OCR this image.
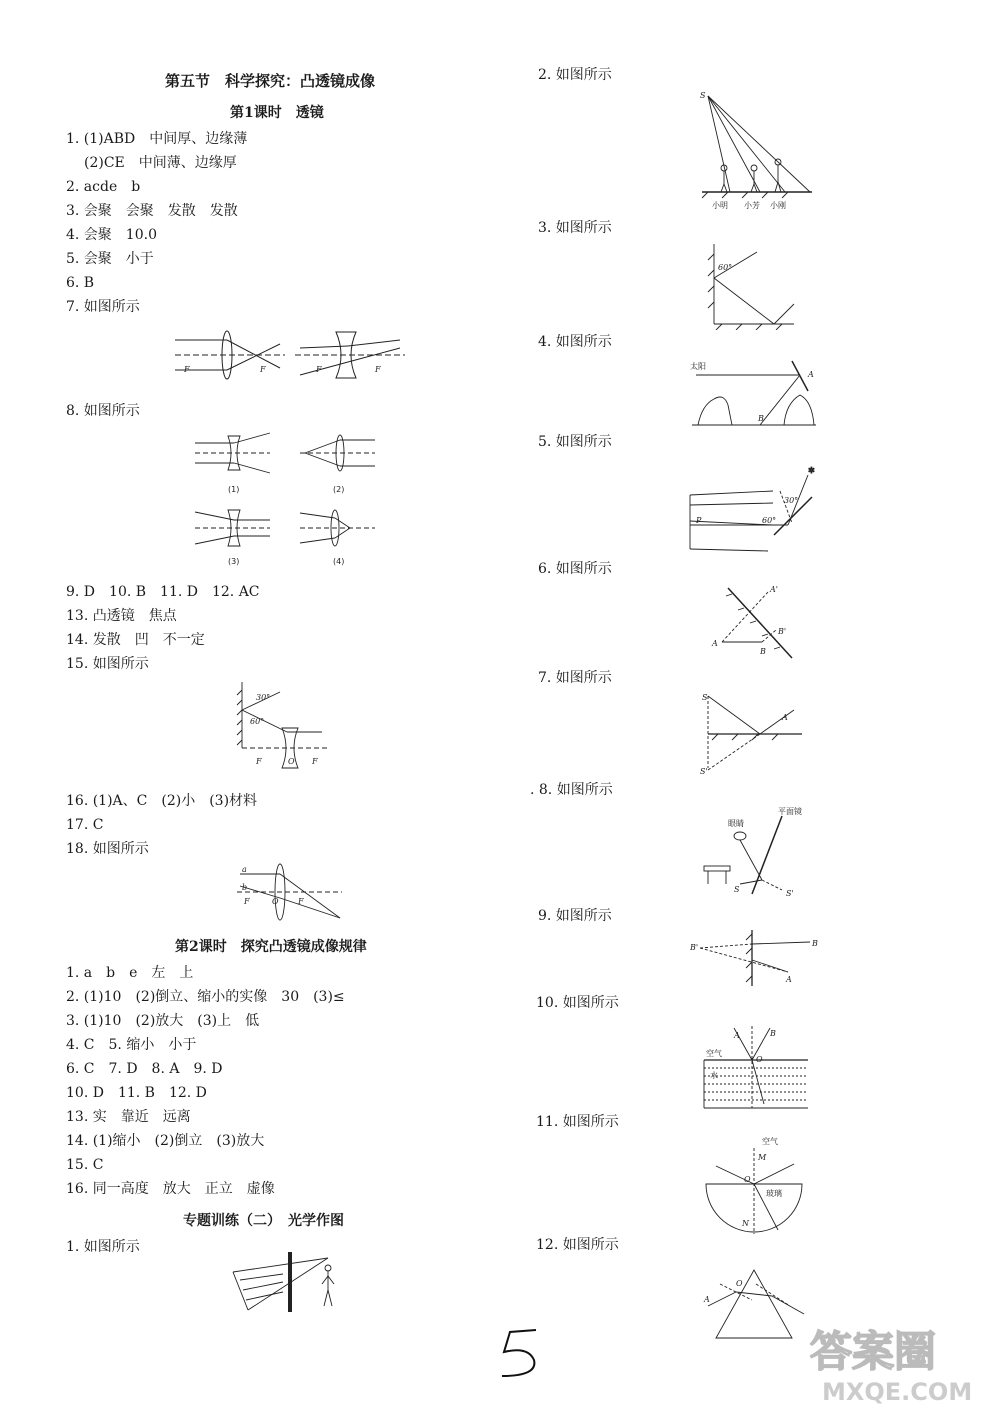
第五节　科学探究：凸透镜成像
第1课时　透镜
1. (1)ABD　中间厚、边缘薄
(2)CE　中间薄、边缘厚
2. acde　b
3. 会聚　会聚　发散　发散
4. 会聚　10.0
5. 会聚　小于
6. B
7. 如图所示
F	F	F	F
8. 如图所示
(1)	(2)
(3)	(4)
9. D　10. B　11. D　12. AC
13. 凸透镜　焦点
14. 发散　凹　不一定
15. 如图所示
30°
60°
F	O F
16. (1)A、C　(2)小　(3)材料
17. C
18. 如图所示
a
b
F	O F
第2课时　探究凸透镜成像规律
1. a　b　e　左　上
2. (1)10　(2)倒立、缩小的实像　30　(3)≤
3. (1)10　(2)放大　(3)上　低
4. C　5. 缩小　小于
6. C　7. D　8. A　9. D
10. D　11. B　12. D
13. 实　靠近　远离
14. (1)缩小　(2)倒立　(3)放大
15. C
16. 同一高度　放大　正立　虚像
专题训练（二）　光学作图
1. 如图所示
2. 如图所示
S
小明 小芳 小刚
3. 如图所示
60°
4. 如图所示
太阳
A
B
5. 如图所示
✲
P	60°
30°
6. 如图所示
A'
B'
A
B
7. 如图所示
S
A
S'
. 8. 如图所示
眼睛
平面镜
S	S'
9. 如图所示
B'	B
A
10. 如图所示
A	B
空气
O
水
11. 如图所示
空气
M
O
玻璃
N
12. 如图所示
A
O
5
答案圈
MXQE.COM
